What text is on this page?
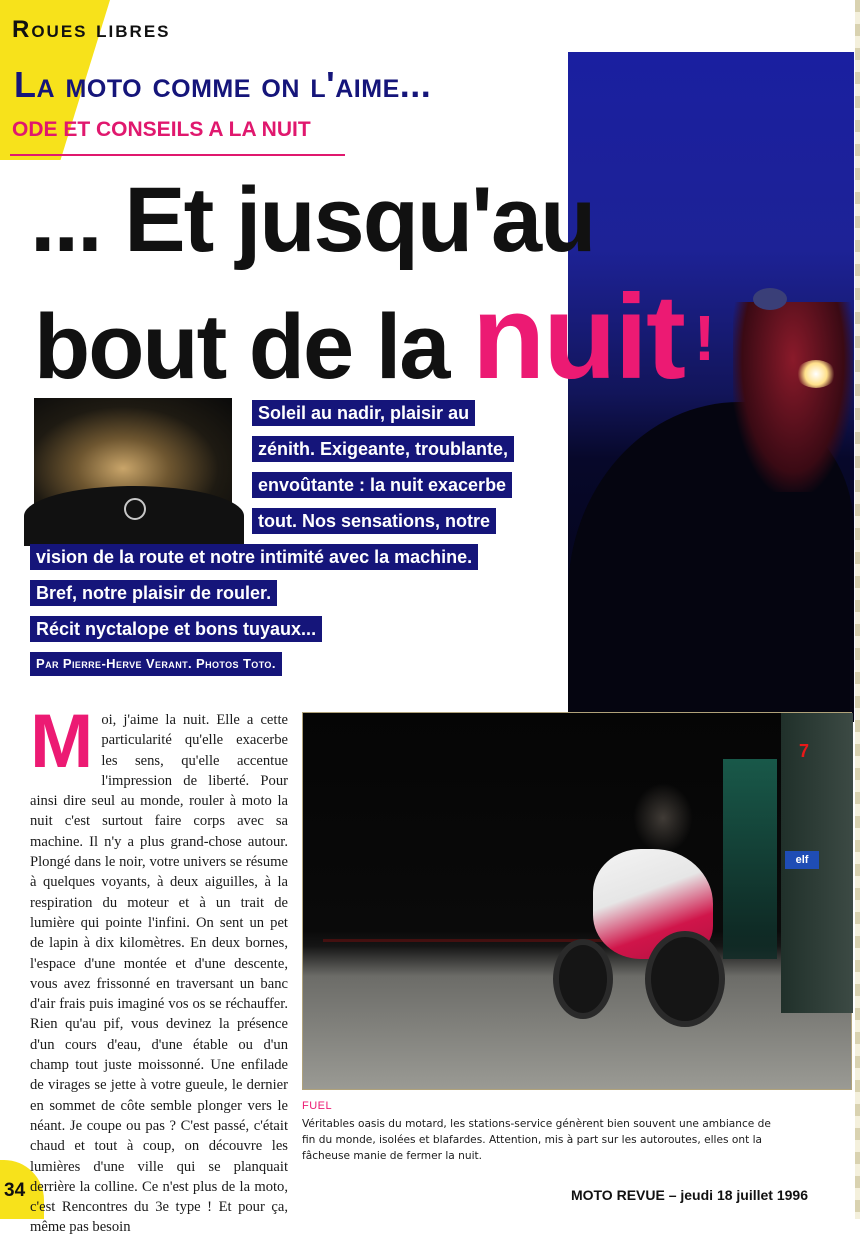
Roues libres
La moto comme on l'aime...
ODE ET CONSEILS A LA NUIT
... Et jusqu'au
bout de la nuit !
Soleil au nadir, plaisir au
zénith. Exigeante, troublante,
envoûtante : la nuit exacerbe
tout. Nos sensations, notre
vision de la route et notre intimité avec la machine.
Bref, notre plaisir de rouler.
Récit nyctalope et bons tuyaux...
Par Pierre-Herve Verant. Photos Toto.
Moi, j'aime la nuit. Elle a cette particularité qu'elle exacerbe les sens, qu'elle accentue l'impression de liberté. Pour ainsi dire seul au monde, rouler à moto la nuit c'est surtout faire corps avec sa machine. Il n'y a plus grand-chose autour. Plongé dans le noir, votre univers se résume à quelques voyants, à deux aiguilles, à la respiration du moteur et à un trait de lumière qui pointe l'infini. On sent un pet de lapin à dix kilomètres. En deux bornes, l'espace d'une montée et d'une descente, vous avez frissonné en traversant un banc d'air frais puis imaginé vos os se réchauffer. Rien qu'au pif, vous devinez la présence d'un cours d'eau, d'une étable ou d'un champ tout juste moissonné. Une enfilade de virages se jette à votre gueule, le dernier en sommet de côte semble plonger vers le néant. Je coupe ou pas ? C'est passé, c'était chaud et tout à coup, on découvre les lumières d'une ville qui se planquait derrière la colline. Ce n'est plus de la moto, c'est Rencontres du 3e type ! Et pour ça, même pas besoin
7
elf
FUEL
Véritables oasis du motard, les stations-service génèrent bien souvent une ambiance de fin du monde, isolées et blafardes. Attention, mis à part sur les autoroutes, elles ont la fâcheuse manie de fermer la nuit.
34	MOTO REVUE – jeudi 18 juillet 1996
